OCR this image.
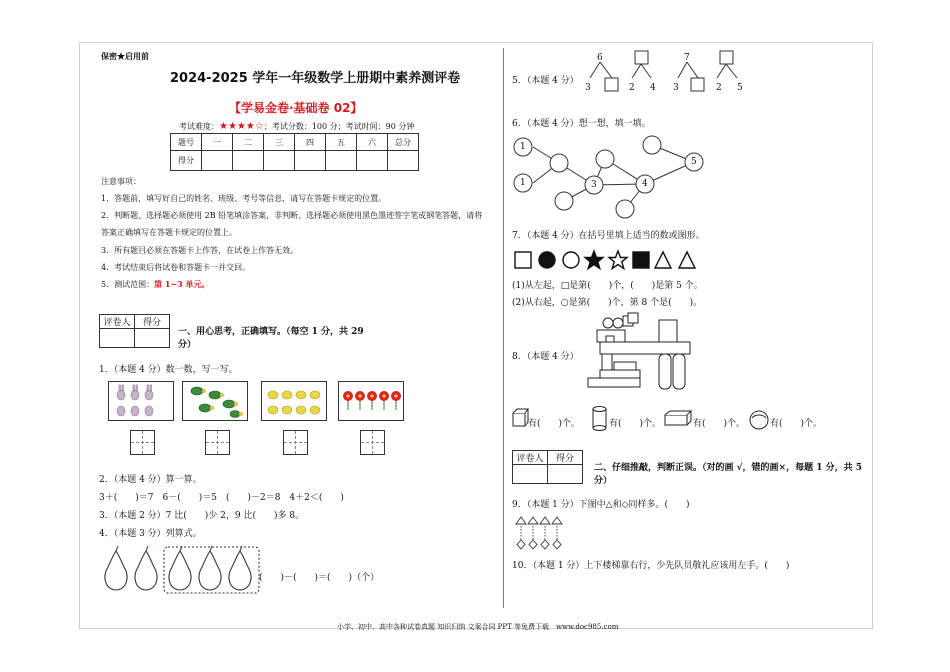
保密★启用前
2024-2025 学年一年级数学上册期中素养测评卷
【学易金卷·基础卷 02】
考试难度：★★★★☆；考试分数：100 分；考试时间：90 分钟
题号	一	二	三	四	五	六	总分
得分							
注意事项：
1．答题前，填写好自己的姓名、班级、考号等信息，请写在答题卡规定的位置。
2．判断题、选择题必须使用 2B 铅笔填涂答案，非判断、选择题必须使用黑色墨迹签字笔或钢笔答题，请将
答案正确填写在答题卡规定的位置上。
3．所有题目必须在答题卡上作答，在试卷上作答无效。
4．考试结束后将试卷和答题卡一并交回。
5．测试范围：第 1~3 单元。
评卷人	得分

一、用心思考，正确填写。（每空 1 分，共 29
分）
1．（本题 4 分）数一数，写一写。
2．（本题 4 分）算一算。
3＋(　　)＝7　6－(　　)＝5　(　　)－2＝8　4＋2＜(　　)
3．（本题 2 分）7 比(　　)少 2，9 比(　　)多 8。
4．（本题 3 分）列算式。
(　　)－(　　)＝(　　)（个）
5．（本题 4 分）
6
3	2 4
7
3	2 5
6．（本题 4 分）想一想，填一填。
1
1	3	4
5
7．（本题 4 分）在括号里填上适当的数或图形。
(1)从左起，□是第(　　)个，(　　)是第 5 个。
(2)从右起，○是第(　　)个，第 8 个是(　　)。
8．（本题 4 分）
有(　　)个。	有(　　)个。	有(　　)个。	有(　　)个。
评卷人	得分

二、仔细推敲，判断正误。（对的画 √，错的画×，每题 1 分，共 5
分）
9．（本题 1 分）下图中△和◇同样多。(　　)
10．（本题 1 分）上下楼梯靠右行，少先队员敬礼应该用左手。(　　)
小学、初中、高中各种试卷真题 知识归纳 文案合同 PPT 等免费下载　www.doc985.com
